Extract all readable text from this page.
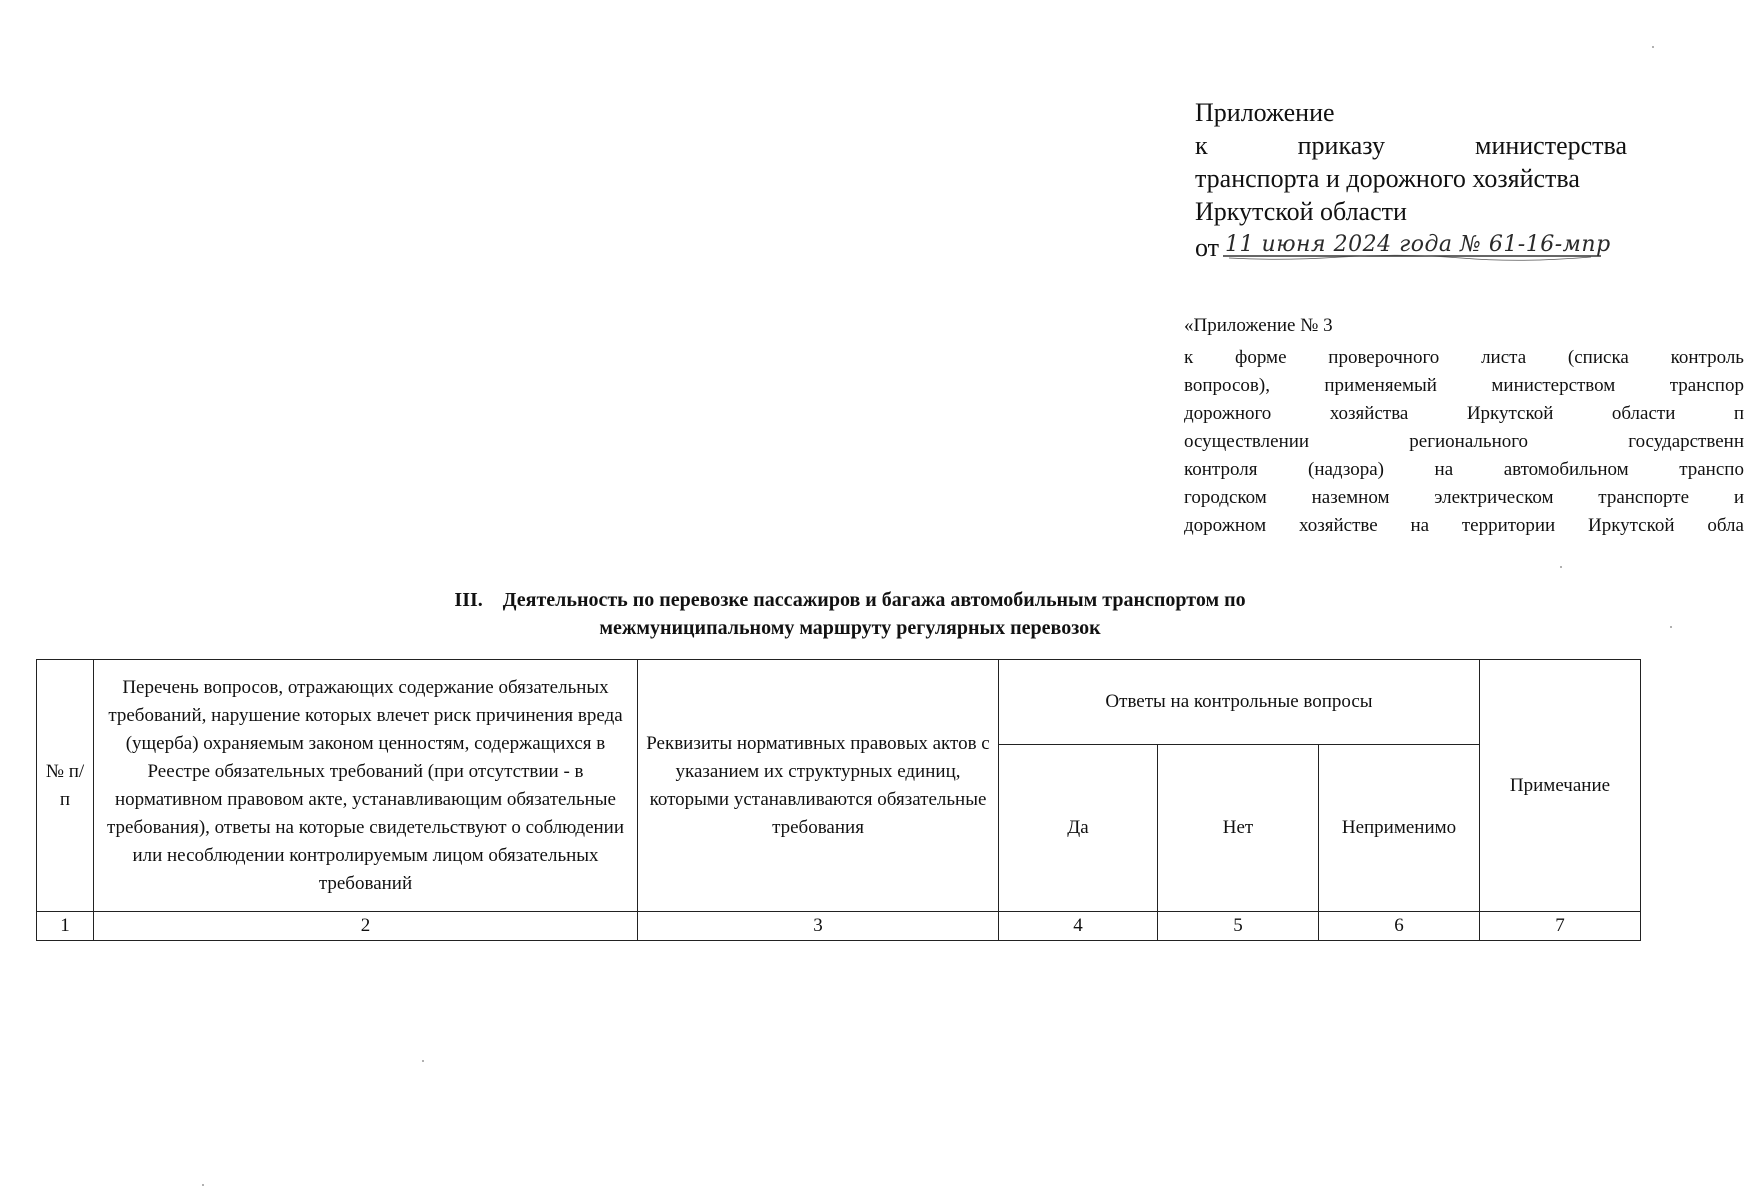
Приложение
к	приказу	министерства
транспорта и дорожного хозяйства
Иркутской области
от 11 июня 2024 года № 61-16-мпр
«Приложение № 3
к форме проверочного листа (списка контроль
вопросов),	применяемый	министерством	транспор
дорожного	хозяйства	Иркутской	области	п
осуществлении	регионального	государственн
контроля	(надзора)	на	автомобильном	транспо
городском наземном электрическом транспорте и
дорожном хозяйстве на территории Иркутской обла
III.    Деятельность по перевозке пассажиров и багажа автомобильным транспортом по
межмуниципальному маршруту регулярных перевозок
№ п/п	Перечень вопросов, отражающих содержание обязательных требований, нарушение которых влечет риск причинения вреда (ущерба) охраняемым законом ценностям, содержащихся в Реестре обязательных требований (при отсутствии - в нормативном правовом акте, устанавливающим обязательные требования), ответы на которые свидетельствуют о соблюдении или несоблюдении контролируемым лицом обязательных требований	Реквизиты нормативных правовых актов с указанием их структурных единиц, которыми устанавливаются обязательные требования	Ответы на контрольные вопросы			Примечание
			Да	Нет	Неприменимо	
1	2	3	4	5	6	7
